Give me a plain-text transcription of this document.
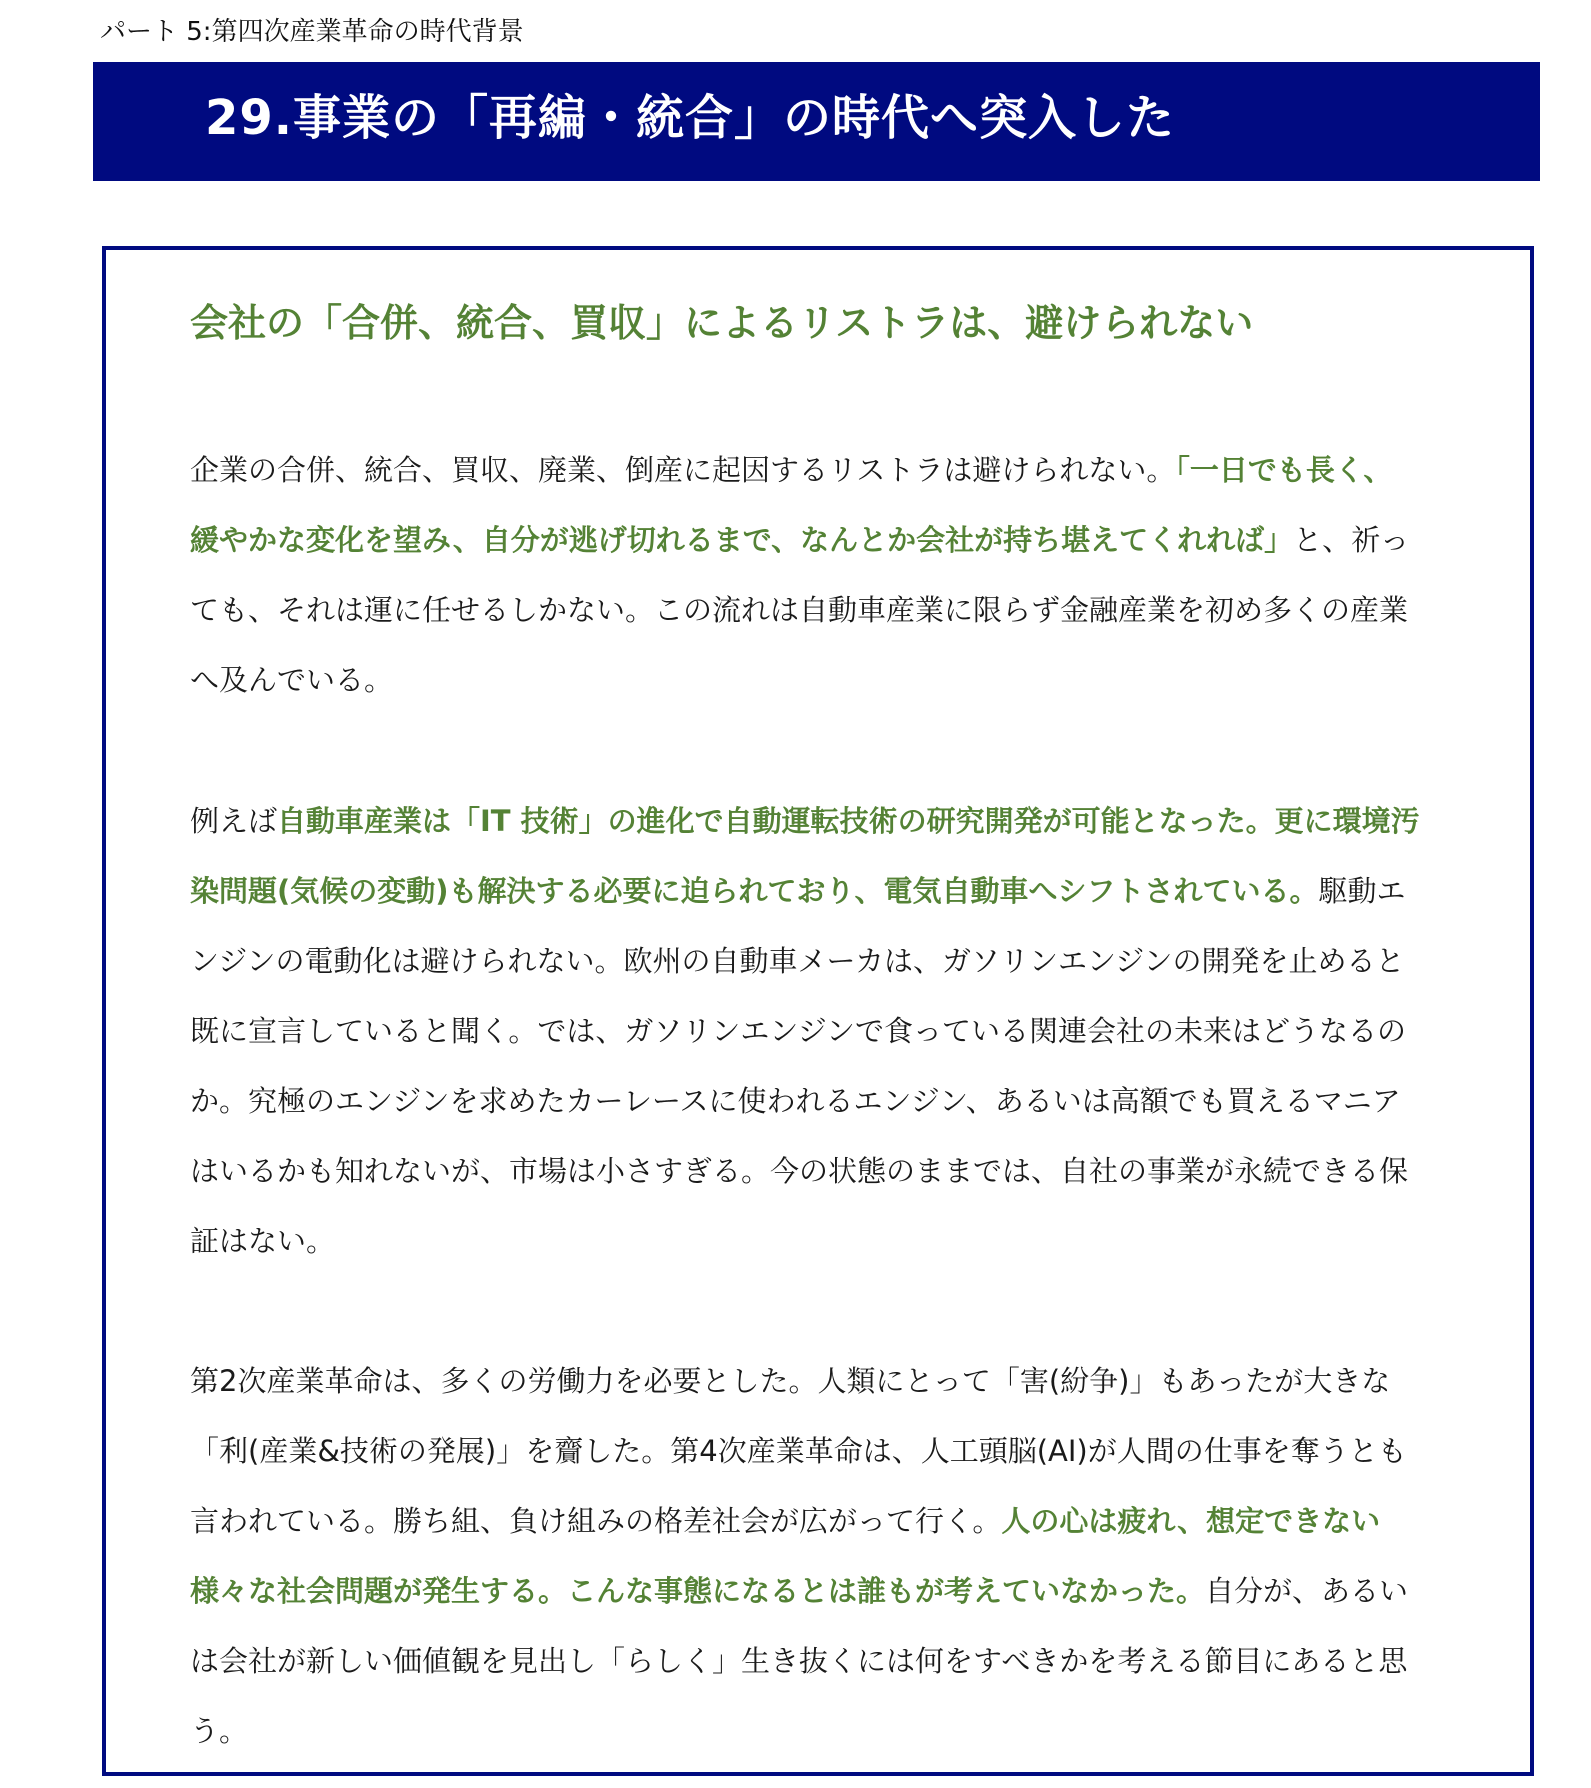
パート 5:第四次産業革命の時代背景
29.事業の「再編・統合」の時代へ突入した
会社の「合併、統合、買収」によるリストラは、避けられない
企業の合併、統合、買収、廃業、倒産に起因するリストラは避けられない。「一日でも長く、緩やかな変化を望み、自分が逃げ切れるまで、なんとか会社が持ち堪えてくれれば」と、祈っても、それは運に任せるしかない。この流れは自動車産業に限らず金融産業を初め多くの産業へ及んでいる。
例えば自動車産業は「IT 技術」の進化で自動運転技術の研究開発が可能となった。更に環境汚染問題(気候の変動)も解決する必要に迫られており、電気自動車へシフトされている。駆動エンジンの電動化は避けられない。欧州の自動車メーカは、ガソリンエンジンの開発を止めると既に宣言していると聞く。では、ガソリンエンジンで食っている関連会社の未来はどうなるのか。究極のエンジンを求めたカーレースに使われるエンジン、あるいは高額でも買えるマニアはいるかも知れないが、市場は小さすぎる。今の状態のままでは、自社の事業が永続できる保証はない。
第2次産業革命は、多くの労働力を必要とした。人類にとって「害(紛争)」もあったが大きな「利(産業&技術の発展)」を齎した。第4次産業革命は、人工頭脳(AI)が人間の仕事を奪うとも言われている。勝ち組、負け組みの格差社会が広がって行く。人の心は疲れ、想定できない様々な社会問題が発生する。こんな事態になるとは誰もが考えていなかった。自分が、あるいは会社が新しい価値観を見出し「らしく」生き抜くには何をすべきかを考える節目にあると思う。
